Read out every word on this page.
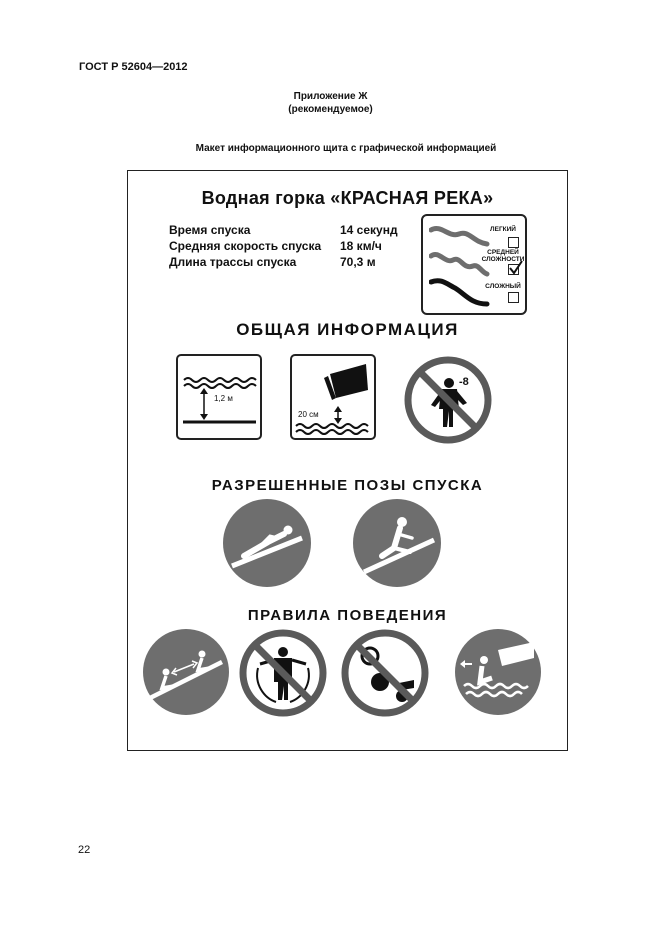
ГОСТ Р 52604—2012
Приложение Ж
(рекомендуемое)
Макет информационного щита с графической информацией
Водная горка «КРАСНАЯ РЕКА»
Время спуска	14 секунд
Средняя скорость спуска	18 км/ч
Длина трассы спуска	70,3 м
ЛЕГКИЙ
СРЕДНЕЙ
СЛОЖНОСТИ
СЛОЖНЫЙ
ОБЩАЯ ИНФОРМАЦИЯ
1,2 м
20 см
-8
РАЗРЕШЕННЫЕ ПОЗЫ СПУСКА
ПРАВИЛА ПОВЕДЕНИЯ
22
